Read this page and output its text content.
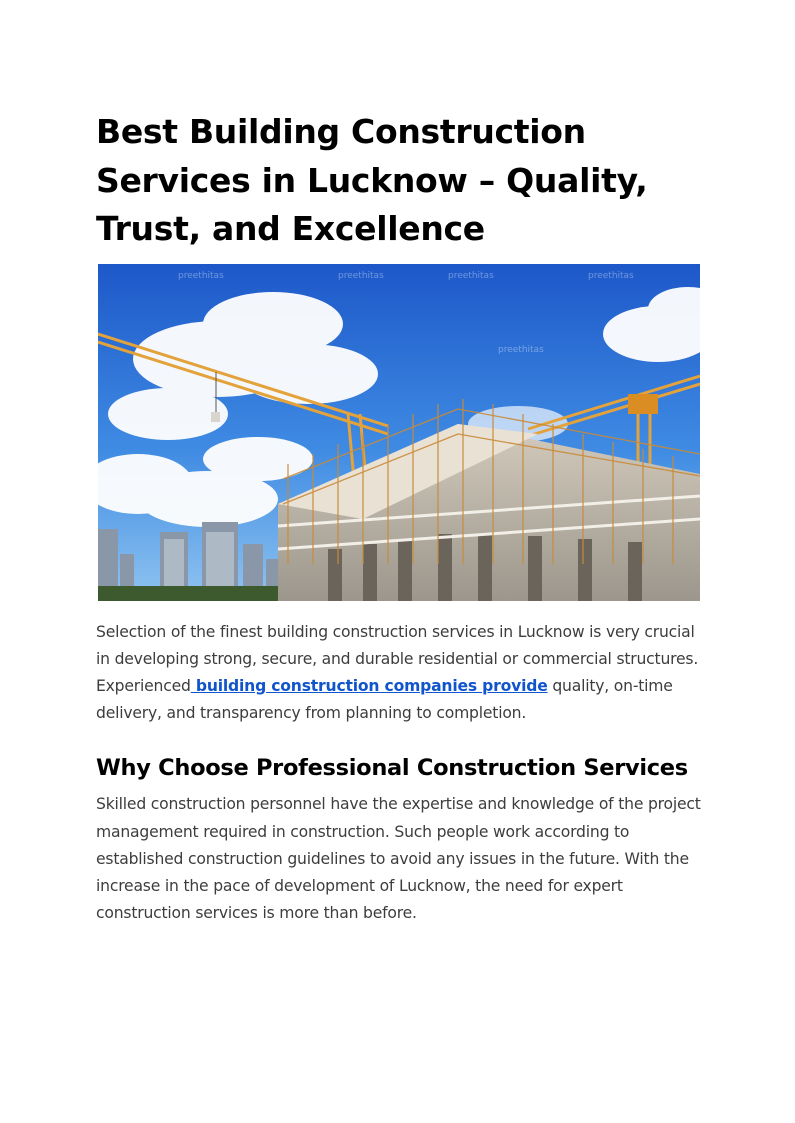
Best Building Construction Services in Lucknow – Quality, Trust, and Excellence
preethitas	preethitas	preethitas	preethitas
preethitas

Selection of the finest building construction services in Lucknow is very crucial in developing strong, secure, and durable residential or commercial structures. Experienced building construction companies provide quality, on-time delivery, and transparency from planning to completion.

Why Choose Professional Construction Services

Skilled construction personnel have the expertise and knowledge of the project management required in construction. Such people work according to established construction guidelines to avoid any issues in the future. With the increase in the pace of development of Lucknow, the need for expert construction services is more than before.
